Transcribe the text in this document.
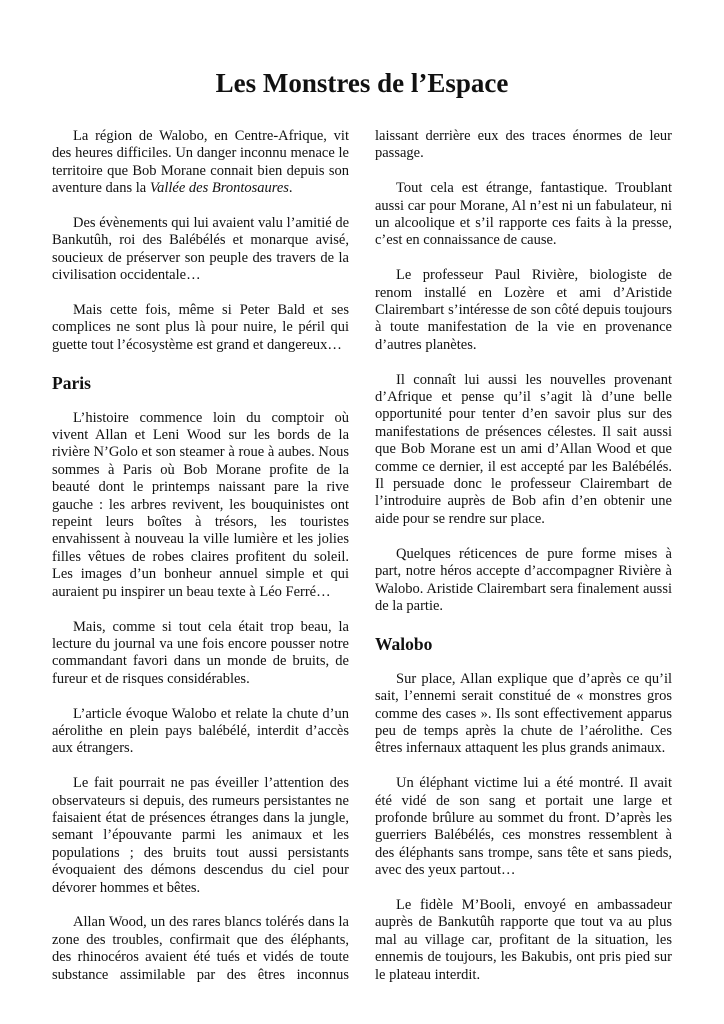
Les Monstres de l’Espace

La région de Walobo, en Centre-Afrique, vit des heures difficiles. Un danger inconnu menace le territoire que Bob Morane connait bien depuis son aventure dans la Vallée des Brontosaures.

Des évènements qui lui avaient valu l’amitié de Bankutûh, roi des Balébélés et monarque avisé, soucieux de préserver son peuple des travers de la civilisation occidentale…

Mais cette fois, même si Peter Bald et ses complices ne sont plus là pour nuire, le péril qui guette tout l’écosystème est grand et dangereux…

Paris

L’histoire commence loin du comptoir où vivent Allan et Leni Wood sur les bords de la rivière N’Golo et son steamer à roue à aubes. Nous sommes à Paris où Bob Morane profite de la beauté dont le printemps naissant pare la rive gauche : les arbres revivent, les bouquinistes ont repeint leurs boîtes à trésors, les touristes envahissent à nouveau la ville lumière et les jolies filles vêtues de robes claires profitent du soleil. Les images d’un bonheur annuel simple et qui auraient pu inspirer un beau texte à Léo Ferré…

Mais, comme si tout cela était trop beau, la lecture du journal va une fois encore pousser notre commandant favori dans un monde de bruits, de fureur et de risques considérables.

L’article évoque Walobo et relate la chute d’un aérolithe en plein pays balébélé, interdit d’accès aux étrangers.

Le fait pourrait ne pas éveiller l’attention des observateurs si depuis, des rumeurs persistantes ne faisaient état de présences étranges dans la jungle, semant l’épouvante parmi les animaux et les populations ; des bruits tout aussi persistants évoquaient des démons descendus du ciel pour dévorer hommes et bêtes.

Allan Wood, un des rares blancs tolérés dans la zone des troubles, confirmait que des éléphants, des rhinocéros avaient été tués et vidés de toute substance assimilable par des êtres inconnus

laissant derrière eux des traces énormes de leur passage.

Tout cela est étrange, fantastique. Troublant aussi car pour Morane, Al n’est ni un fabulateur, ni un alcoolique et s’il rapporte ces faits à la presse, c’est en connaissance de cause.

Le professeur Paul Rivière, biologiste de renom installé en Lozère et ami d’Aristide Clairembart s’intéresse de son côté depuis toujours à toute manifestation de la vie en provenance d’autres planètes.

Il connaît lui aussi les nouvelles provenant d’Afrique et pense qu’il s’agit là d’une belle opportunité pour tenter d’en savoir plus sur des manifestations de présences célestes. Il sait aussi que Bob Morane est un ami d’Allan Wood et que comme ce dernier, il est accepté par les Balébélés. Il persuade donc le professeur Clairembart de l’introduire auprès de Bob afin d’en obtenir une aide pour se rendre sur place.

Quelques réticences de pure forme mises à part, notre héros accepte d’accompagner Rivière à Walobo. Aristide Clairembart sera finalement aussi de la partie.

Walobo

Sur place, Allan explique que d’après ce qu’il sait, l’ennemi serait constitué de « monstres gros comme des cases ». Ils sont effectivement apparus peu de temps après la chute de l’aérolithe. Ces êtres infernaux attaquent les plus grands animaux.

Un éléphant victime lui a été montré. Il avait été vidé de son sang et portait une large et profonde brûlure au sommet du front. D’après les guerriers Balébélés, ces monstres ressemblent à des éléphants sans trompe, sans tête et sans pieds, avec des yeux partout…

Le fidèle M’Booli, envoyé en ambassadeur auprès de Bankutûh rapporte que tout va au plus mal au village car, profitant de la situation, les ennemis de toujours, les Bakubis, ont pris pied sur le plateau interdit.
